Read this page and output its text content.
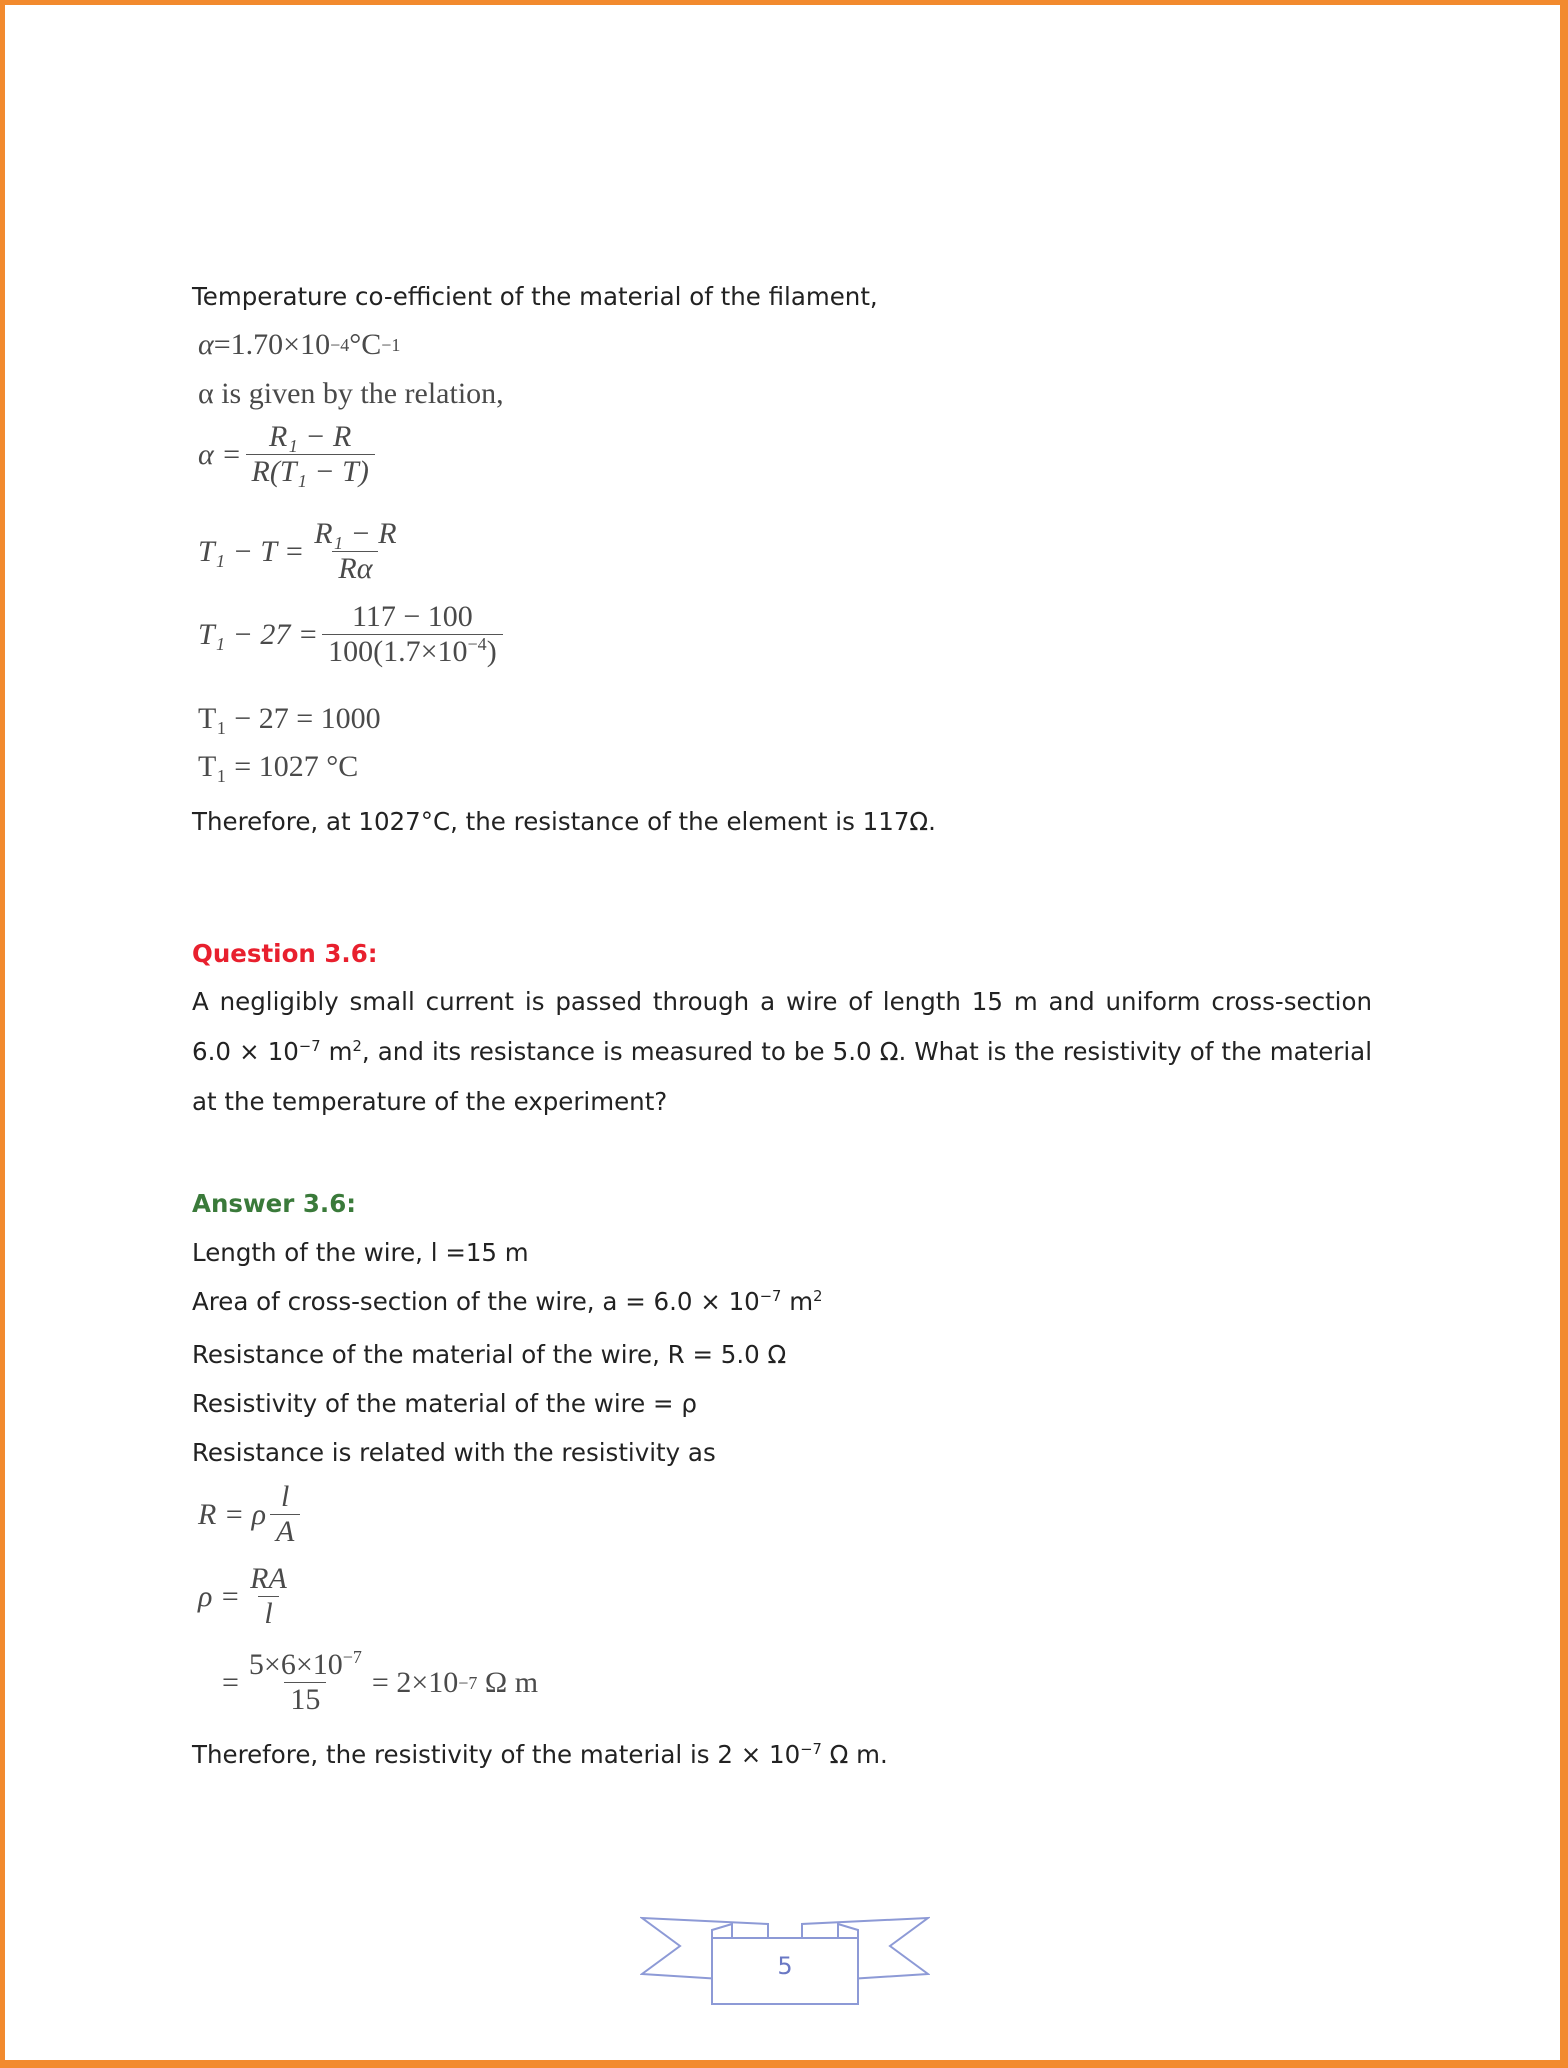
Temperature co-efficient of the material of the filament,
α =1.70×10 −4 °C −1
α is given by the relation,
$\alpha = \frac{\text{R₁ − R}}{\text{R(T₁ − T)}}$
$T_1 - T = \frac{\text{R₁ − R}}{R\alpha}$
$T_1 - 27 = \frac{117 - 100}{100(1.7\times 10^{-4})}$
T₁ − 27 = 1000
T₁ = 1027 °C
Therefore, at 1027°C, the resistance of the element is 117Ω.
Question 3.6:
A negligibly small current is passed through a wire of length 15 m and uniform cross-section $6.0 \times 10^{-7}$ $m^2$, and its resistance is measured to be 5.0 Ω. What is the resistivity of the material at the temperature of the experiment?
Answer 3.6:
Length of the wire, l =15 m
Area of cross-section of the wire, $a = 6.0 \times 10^{-7}$ $m^2$
Resistance of the material of the wire, R = 5.0 Ω
Resistivity of the material of the wire = ρ
Resistance is related with the resistivity as
R = ρ $\frac{l}{A}$
$\rho = \frac{RA}{l}$
= $\frac{5\times 6\times 10^{-7}}{15} = 2\times 10 -7$
Ω m
Therefore, the resistivity of the material is $2 \times 10^{-7}$ Ω m.
5
